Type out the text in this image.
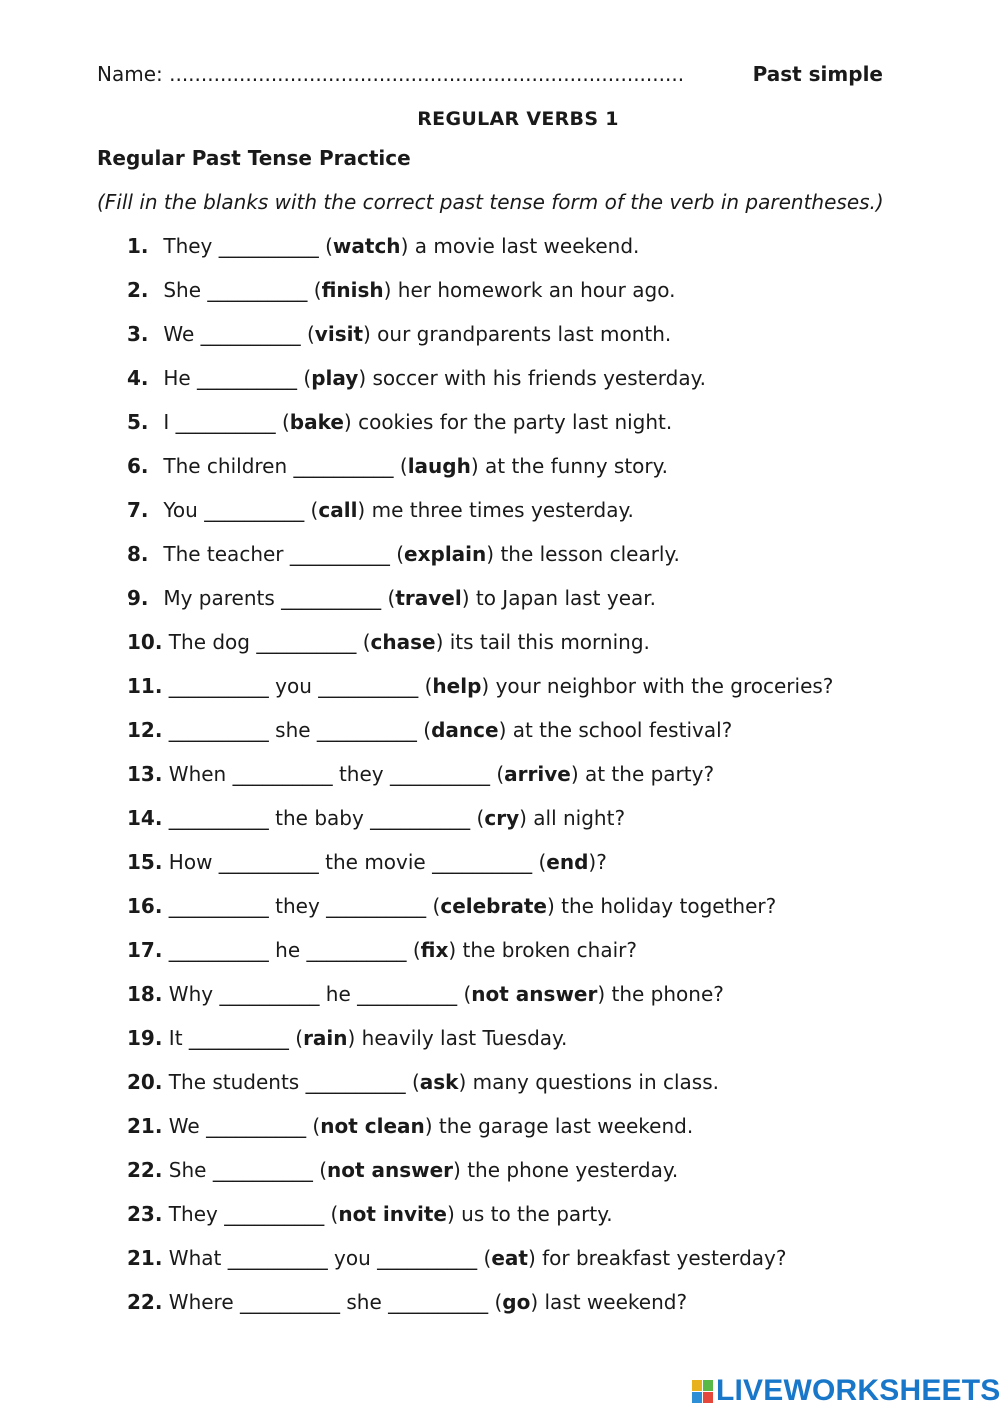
Name: .................................................................................	Past simple
REGULAR VERBS 1
Regular Past Tense Practice
(Fill in the blanks with the correct past tense form of the verb in parentheses.)
1. They __________ (watch) a movie last weekend.
2. She __________ (finish) her homework an hour ago.
3. We __________ (visit) our grandparents last month.
4. He __________ (play) soccer with his friends yesterday.
5. I __________ (bake) cookies for the party last night.
6. The children __________ (laugh) at the funny story.
7. You __________ (call) me three times yesterday.
8. The teacher __________ (explain) the lesson clearly.
9. My parents __________ (travel) to Japan last year.
10. The dog __________ (chase) its tail this morning.
11. __________ you __________ (help) your neighbor with the groceries?
12. __________ she __________ (dance) at the school festival?
13. When __________ they __________ (arrive) at the party?
14. __________ the baby __________ (cry) all night?
15. How __________ the movie __________ (end)?
16. __________ they __________ (celebrate) the holiday together?
17. __________ he __________ (fix) the broken chair?
18. Why __________ he __________ (not answer) the phone?
19. It __________ (rain) heavily last Tuesday.
20. The students __________ (ask) many questions in class.
21. We __________ (not clean) the garage last weekend.
22. She __________ (not answer) the phone yesterday.
23. They __________ (not invite) us to the party.
21. What __________ you __________ (eat) for breakfast yesterday?
22. Where __________ she __________ (go) last weekend?
LIVEWORKSHEETS
